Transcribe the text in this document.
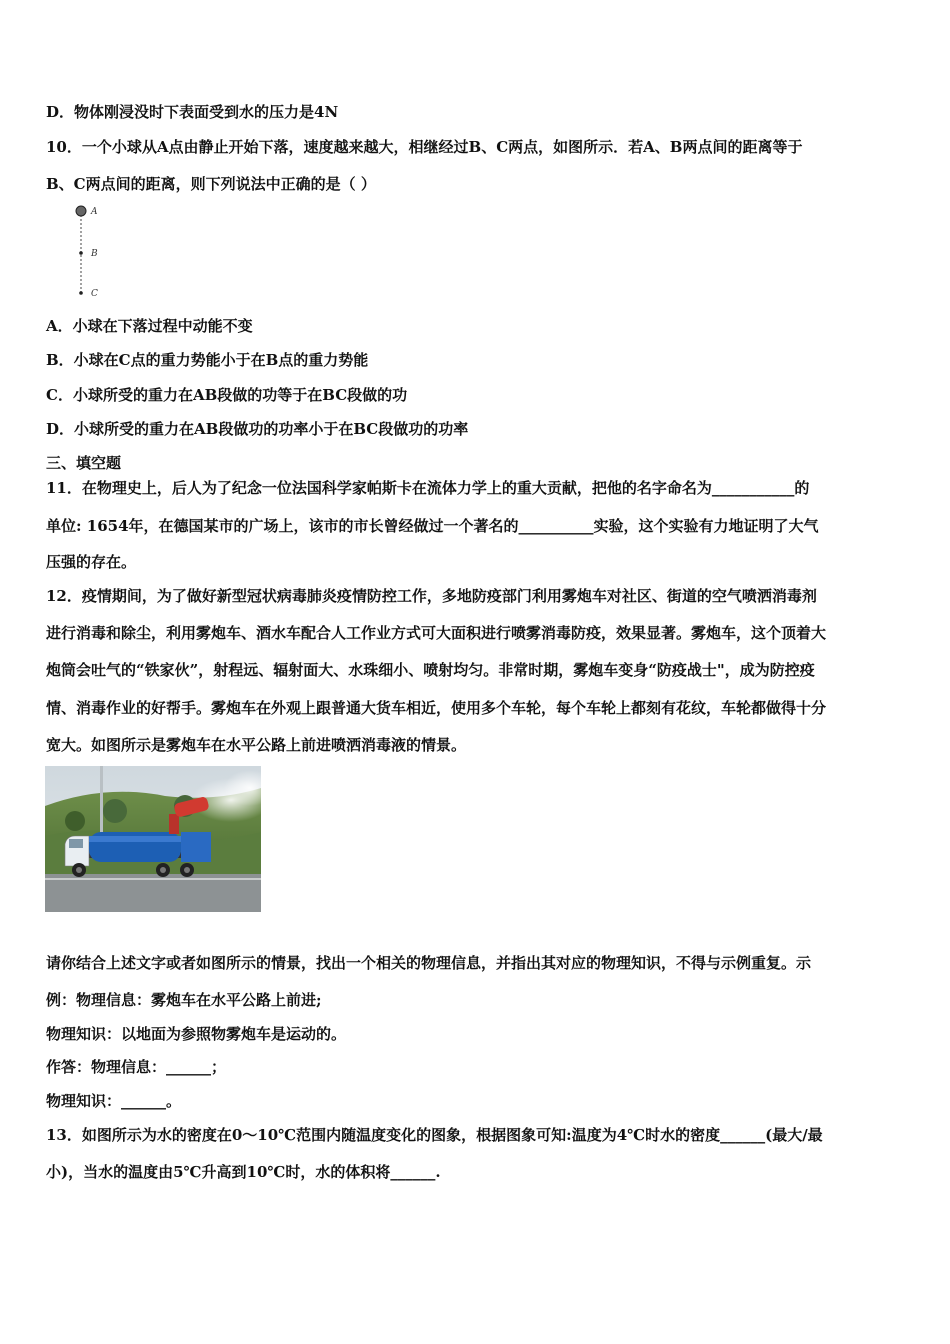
D．物体刚浸没时下表面受到水的压力是4N
10．一个小球从A点由静止开始下落，速度越来越大，相继经过B、C两点，如图所示．若A、B两点间的距离等于
B、C两点间的距离，则下列说法中正确的是（ ）
A
B
C
A．小球在下落过程中动能不变
B．小球在C点的重力势能小于在B点的重力势能
C．小球所受的重力在AB段做的功等于在BC段做的功
D．小球所受的重力在AB段做功的功率小于在BC段做功的功率
三、填空题
11．在物理史上，后人为了纪念一位法国科学家帕斯卡在流体力学上的重大贡献，把他的名字命名为___________的
单位: 1654年，在德国某市的广场上，该市的市长曾经做过一个著名的__________实验，这个实验有力地证明了大气
压强的存在。
12．疫情期间，为了做好新型冠状病毒肺炎疫情防控工作，多地防疫部门利用雾炮车对社区、街道的空气喷洒消毒剂
进行消毒和除尘，利用雾炮车、酒水车配合人工作业方式可大面积进行喷雾消毒防疫，效果显著。雾炮车，这个顶着大
炮筒会吐气的“铁家伙”，射程远、辐射面大、水珠细小、喷射均匀。非常时期，雾炮车变身“防疫战士"，成为防控疫
情、消毒作业的好帮手。雾炮车在外观上跟普通大货车相近，使用多个车轮，每个车轮上都刻有花纹，车轮都做得十分
宽大。如图所示是雾炮车在水平公路上前进喷洒消毒液的情景。
请你结合上述文字或者如图所示的情景，找出一个相关的物理信息，并指出其对应的物理知识，不得与示例重复。示
例：物理信息：雾炮车在水平公路上前进;
物理知识：以地面为参照物雾炮车是运动的。
作答：物理信息：______；
物理知识：______。
13．如图所示为水的密度在0～10℃范围内随温度变化的图象，根据图象可知:温度为4℃时水的密度______(最大/最
小)，当水的温度由5℃升高到10℃时，水的体积将______.
